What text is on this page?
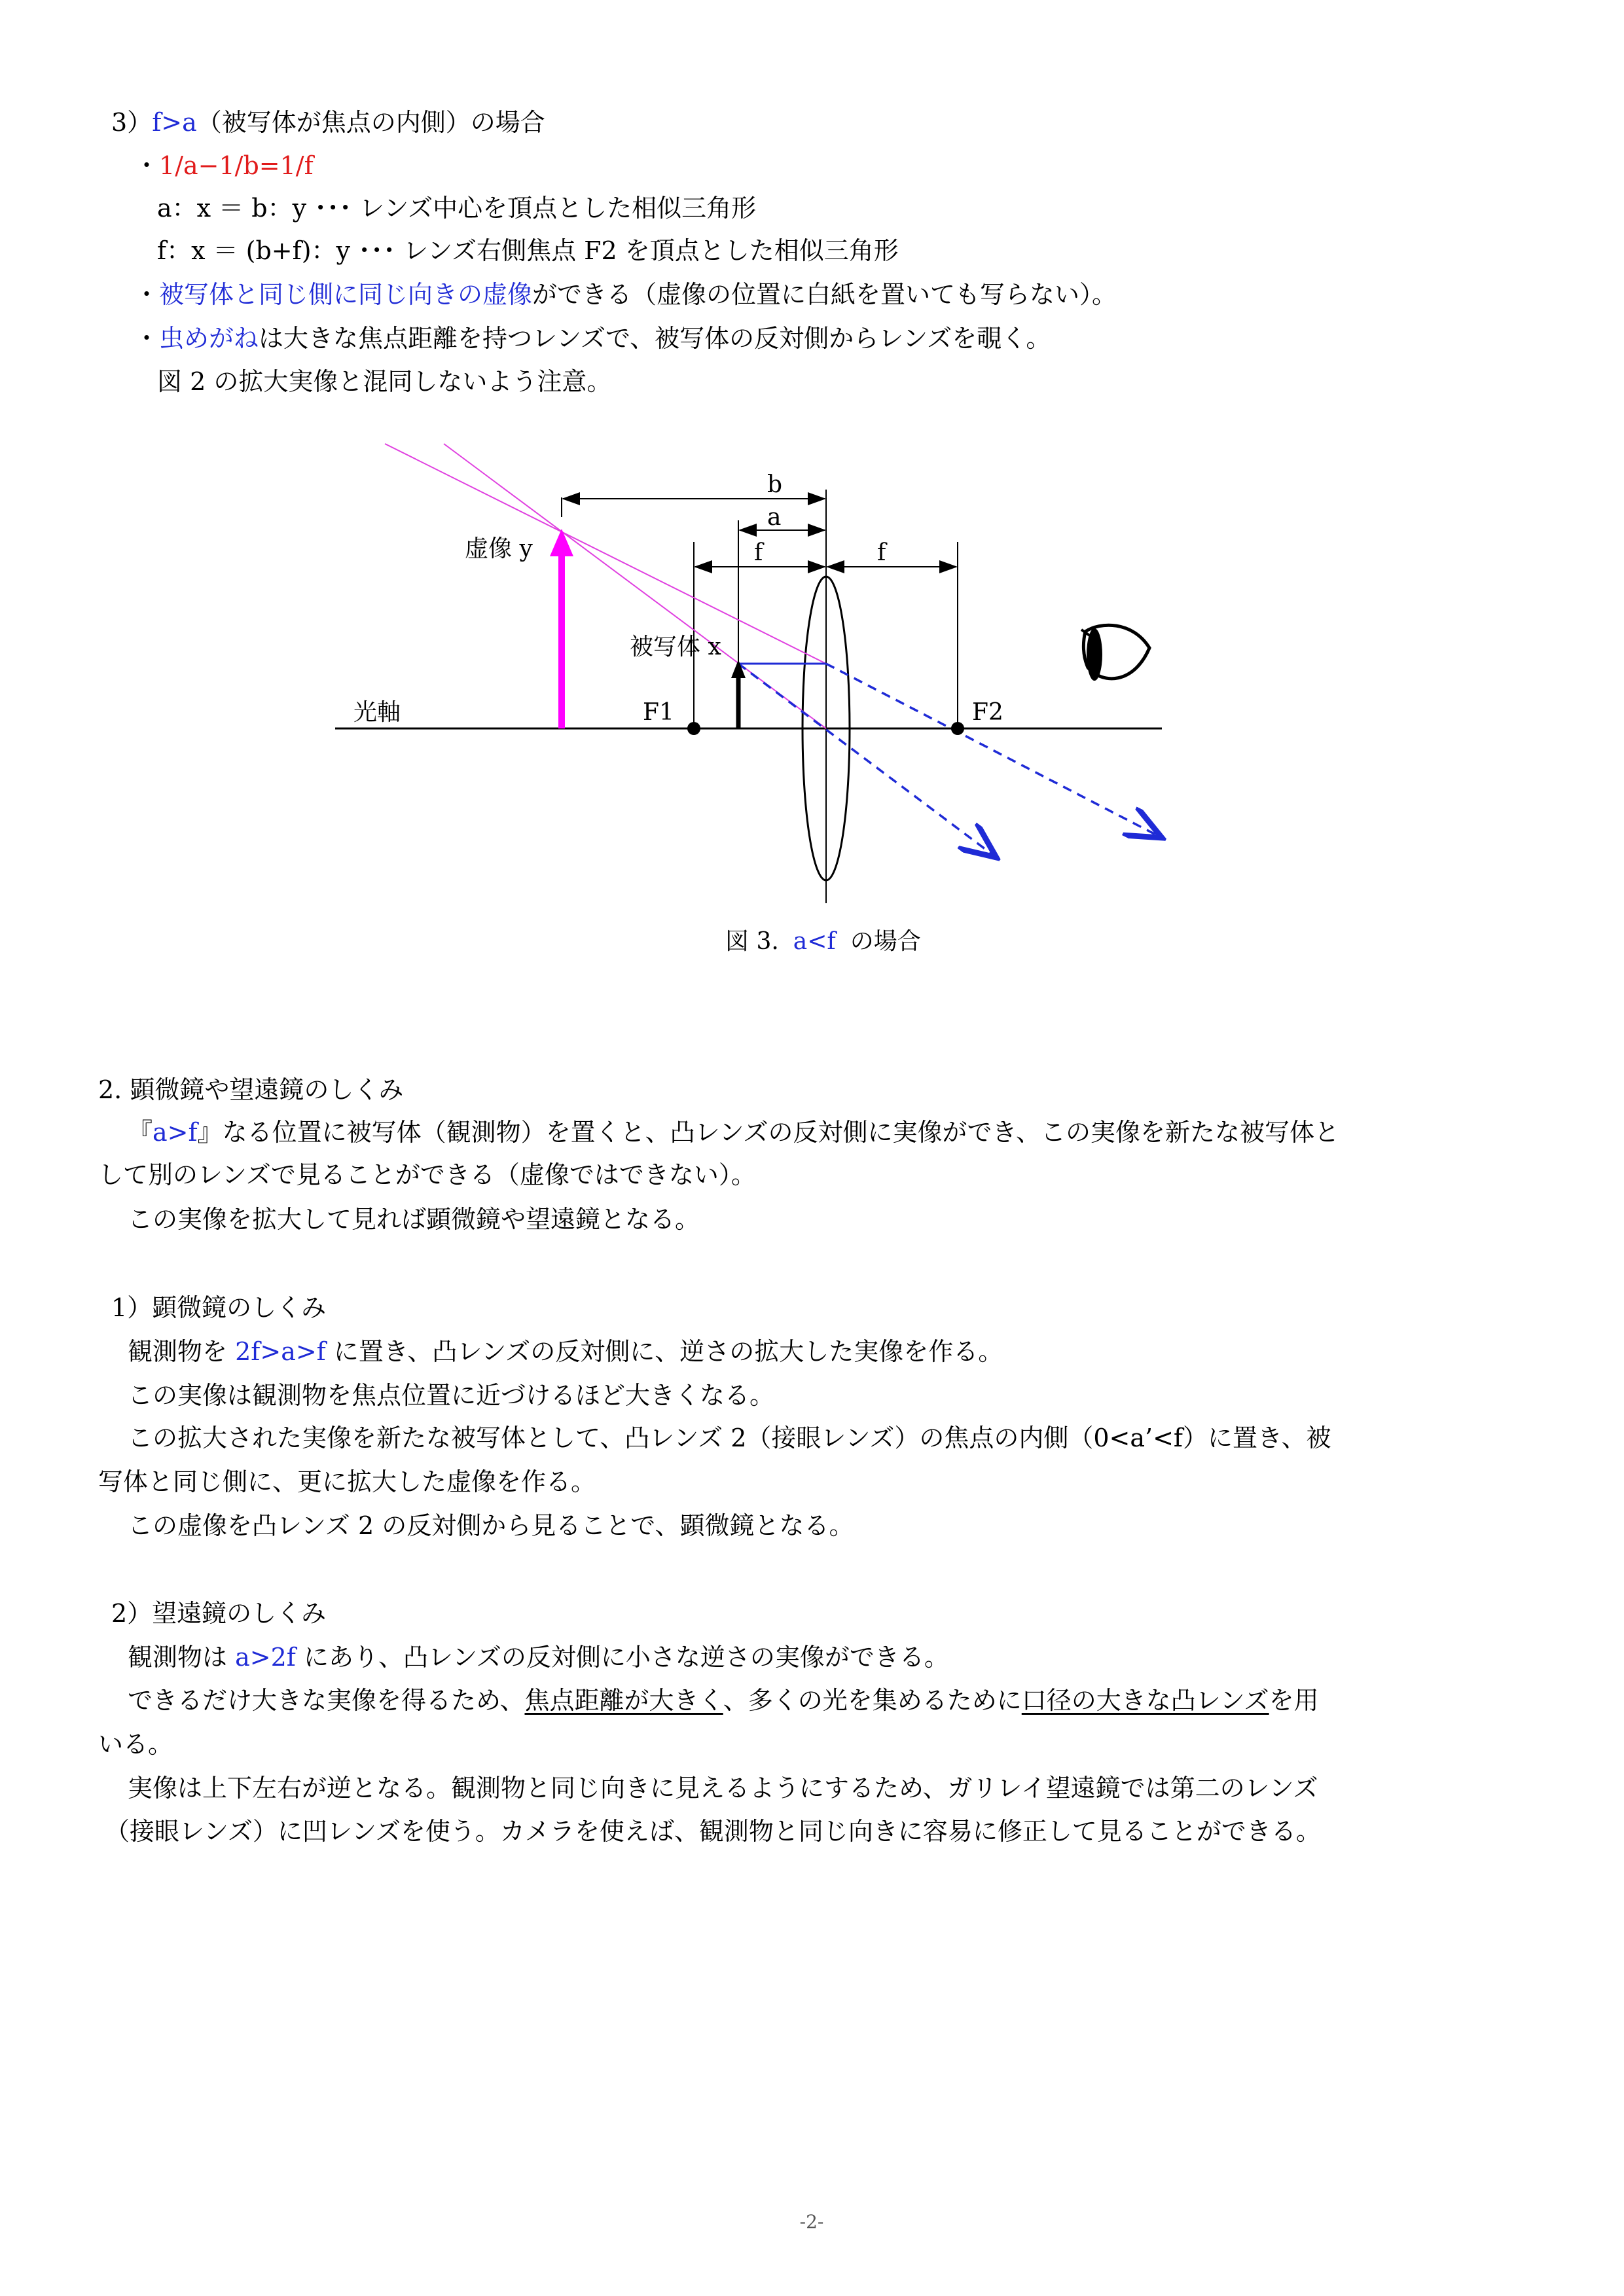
3）f>a（被写体が焦点の内側）の場合
・1/a−1/b=1/f
a：x ＝ b：y ･･･ レンズ中心を頂点とした相似三角形
f：x ＝ (b+f)：y ･･･ レンズ右側焦点 F2 を頂点とした相似三角形
・被写体と同じ側に同じ向きの虚像ができる（虚像の位置に白紙を置いても写らない）。
・虫めがねは大きな焦点距離を持つレンズで、被写体の反対側からレンズを覗く。
図 2 の拡大実像と混同しないよう注意。
b
a
f	f
虚像 y
被写体 x
光軸	F1	F2
図 3. a<f の場合
2. 顕微鏡や望遠鏡のしくみ
『a>f』なる位置に被写体（観測物）を置くと、凸レンズの反対側に実像ができ、この実像を新たな被写体と
して別のレンズで見ることができる（虚像ではできない）。
この実像を拡大して見れば顕微鏡や望遠鏡となる。
1）顕微鏡のしくみ
観測物を 2f>a>f に置き、凸レンズの反対側に、逆さの拡大した実像を作る。
この実像は観測物を焦点位置に近づけるほど大きくなる。
この拡大された実像を新たな被写体として、凸レンズ 2（接眼レンズ）の焦点の内側（0<a’<f）に置き、被
写体と同じ側に、更に拡大した虚像を作る。
この虚像を凸レンズ 2 の反対側から見ることで、顕微鏡となる。
2）望遠鏡のしくみ
観測物は a>2f にあり、凸レンズの反対側に小さな逆さの実像ができる。
できるだけ大きな実像を得るため、焦点距離が大きく、多くの光を集めるために口径の大きな凸レンズを用
いる。
実像は上下左右が逆となる。観測物と同じ向きに見えるようにするため、ガリレイ望遠鏡では第二のレンズ
（接眼レンズ）に凹レンズを使う。カメラを使えば、観測物と同じ向きに容易に修正して見ることができる。
-2-
